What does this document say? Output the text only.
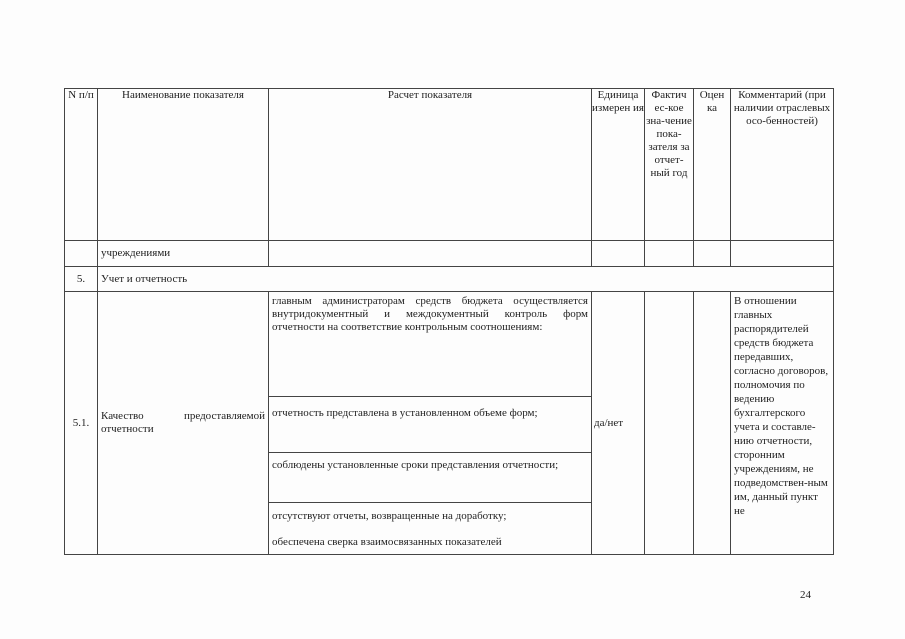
N п/п	Наименование показателя	Расчет показателя	Единица измерен ия	Фактич ес-кое зна-чение пока-зателя за отчет-ный год	Оцен ка	Комментарий (при наличии отраслевых осо-бенностей)
	учреждениями					
5.	Учет и отчетность					
5.1.	Качество предоставляемой отчетности	главным администраторам средств бюджета осуществляется внутридокументный и междокументный контроль форм отчетности на соответствие контрольным соотношениям:	да/нет			В отношении главных распорядителей средств бюджета передавших, согласно договоров, полномочия по ведению бухгалтерского учета и составле-нию отчетности, сторонним учреждениям, не подведомствен-ным им, данный пункт не
		отчетность представлена в установленном объеме форм;				
		соблюдены установленные сроки представления отчетности;				

		отсутствуют отчеты, возвращенные на доработку;
обеспечена сверка взаимосвязанных показателей				
24
